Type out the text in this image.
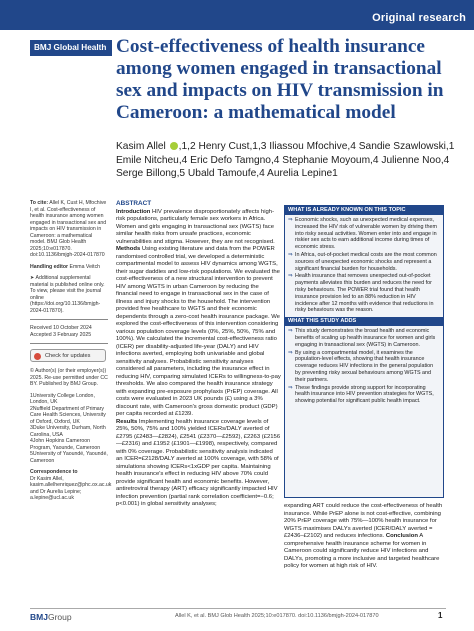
Original research
BMJ Global Health Cost-effectiveness of health insurance among women engaged in transactional sex and impacts on HIV transmission in Cameroon: a mathematical model
Kasim Allel ,1,2 Henry Cust,1,3 Iliassou Mfochive,4 Sandie Szawlowski,1
Emile Nitcheu,4 Eric Defo Tamgno,4 Stephanie Moyoum,4 Julienne Noo,4
Serge Billong,5 Ubald Tamoufe,4 Aurelia Lepine1
To cite: Allel K, Cust H, Mfochive I, et al. Cost-effectiveness of health insurance among women engaged in transactional sex and impacts on HIV transmission in Cameroon: a mathematical model. BMJ Glob Health 2025;10:e017870. doi:10.1136/bmjgh-2024-017870
Handling editor Emma Veitch
➤ Additional supplemental material is published online only. To view, please visit the journal online (https://doi.org/10.1136/bmjgh-2024-017870).
Received 10 October 2024
Accepted 3 February 2025
Check for updates
© Author(s) (or their employer(s)) 2025. Re-use permitted under CC BY. Published by BMJ Group.
1University College London, London, UK
2Nuffield Department of Primary Care Health Sciences, University of Oxford, Oxford, UK
3Duke University, Durham, North Carolina, USA
4John Hopkins Cameroon Program, Yaounde, Cameroon
5University of Yaoundé, Yaoundé, Cameroon
Correspondence to
Dr Kasim Allel, kasim.allelhenriquez@phc.ox.ac.uk and Dr Aurelia Lepine; a.lepine@ucl.ac.uk
ABSTRACT

Introduction HIV prevalence disproportionately affects high-risk populations, particularly female sex workers in Africa. Women and girls engaging in transactional sex (WGTS) face similar health risks from unsafe practices, economic vulnerabilities and stigma. However, they are not recognised.

Methods Using existing literature and data from the POWER randomised controlled trial, we developed a deterministic compartmental model to assess HIV dynamics among WGTS, their sugar daddies and low-risk populations. We evaluated the cost-effectiveness of a new structural intervention to prevent HIV among WGTS in urban Cameroon by reducing the financial need to engage in transactional sex in the case of illness and injury shocks to the household. The intervention provided free healthcare to WGTS and their economic dependents through a zero-cost health insurance package. We explored the cost-effectiveness of this intervention considering various population coverage levels (0%, 25%, 50%, 75% and 100%). We calculated the incremental cost-effectiveness ratio (ICER) per disability-adjusted life-year (DALY) and HIV infections averted, employing both univariable and global sensitivity analyses. Probabilistic sensitivity analyses considered all parameters, including the insurance effect in reducing HIV, comparing simulated ICERs to willingness-to-pay thresholds. We also compared the health insurance strategy with expanding pre-exposure prophylaxis (PrEP) coverage. All costs were evaluated in 2023 UK pounds (£) using a 3% discount rate, with Cameroon's gross domestic product (GDP) per capita recorded at £1239.

Results Implementing health insurance coverage levels of 25%, 50%, 75% and 100% yielded ICERs/DALY averted of £2795 (£2483—£2824), £2541 (£2370—£2592), £2263 (£2156—£2316) and £1952 (£1901—£1998), respectively, compared with 0% coverage. Probabilistic sensitivity analysis indicated an ICER=£2128/DALY averted at 100% coverage, with 58% of simulations showing ICERs<1xGDP per capita. Maintaining health insurance's effect in reducing HIV above 70% could provide significant health and economic benefits. However, antiretroviral therapy (ART) efficacy significantly impacted HIV infection prevention (partial rank correlation coefficient=−0.6; p<0.001) in global sensitivity analyses;

WHAT IS ALREADY KNOWN ON THIS TOPIC
⇒ Economic shocks, such as unexpected medical expenses, increased the HIV risk of vulnerable women by driving them into risky sexual activities. Women enter into and engage in riskier sex acts to earn additional income during times of economic stress.
⇒ In Africa, out-of-pocket medical costs are the most common sources of unexpected economic shocks and represent a significant financial burden for households.
⇒ Health insurance that removes unexpected out-of-pocket payments alleviates this burden and reduces the need for risky behaviours. The POWER trial found that health insurance provision led to an 88% reduction in HIV incidence after 12 months with evidence that reductions in risky behaviours was the reason.
WHAT THIS STUDY ADDS
⇒ This study demonstrates the broad health and economic benefits of scaling up health insurance for women and girls engaging in transactional sex (WGTS) in Cameroon.
⇒ By using a compartmental model, it examines the population-level effects, showing that health insurance coverage reduces HIV infections in the general population by preventing risky sexual behaviours among WGTS and their partners.
⇒ These findings provide strong support for incorporating health insurance into HIV prevention strategies for WGTS, showing potential for significant public health impact.
expanding ART could reduce the cost-effectiveness of health insurance. While PrEP alone is not cost-effective, combining 20% PrEP coverage with 75%—100% health insurance for WGTS maximises DALYs averted (ICER/DALY averted = £2436–£2102) and reduces infections. Conclusion A comprehensive health insurance scheme for women in Cameroon could significantly reduce HIV infections and DALYs, promoting a more inclusive and targeted healthcare policy for women at high risk of HIV.
BMJGroup	Allel K, et al. BMJ Glob Health 2025;10:e017870. doi:10.1136/bmjgh-2024-017870	1
